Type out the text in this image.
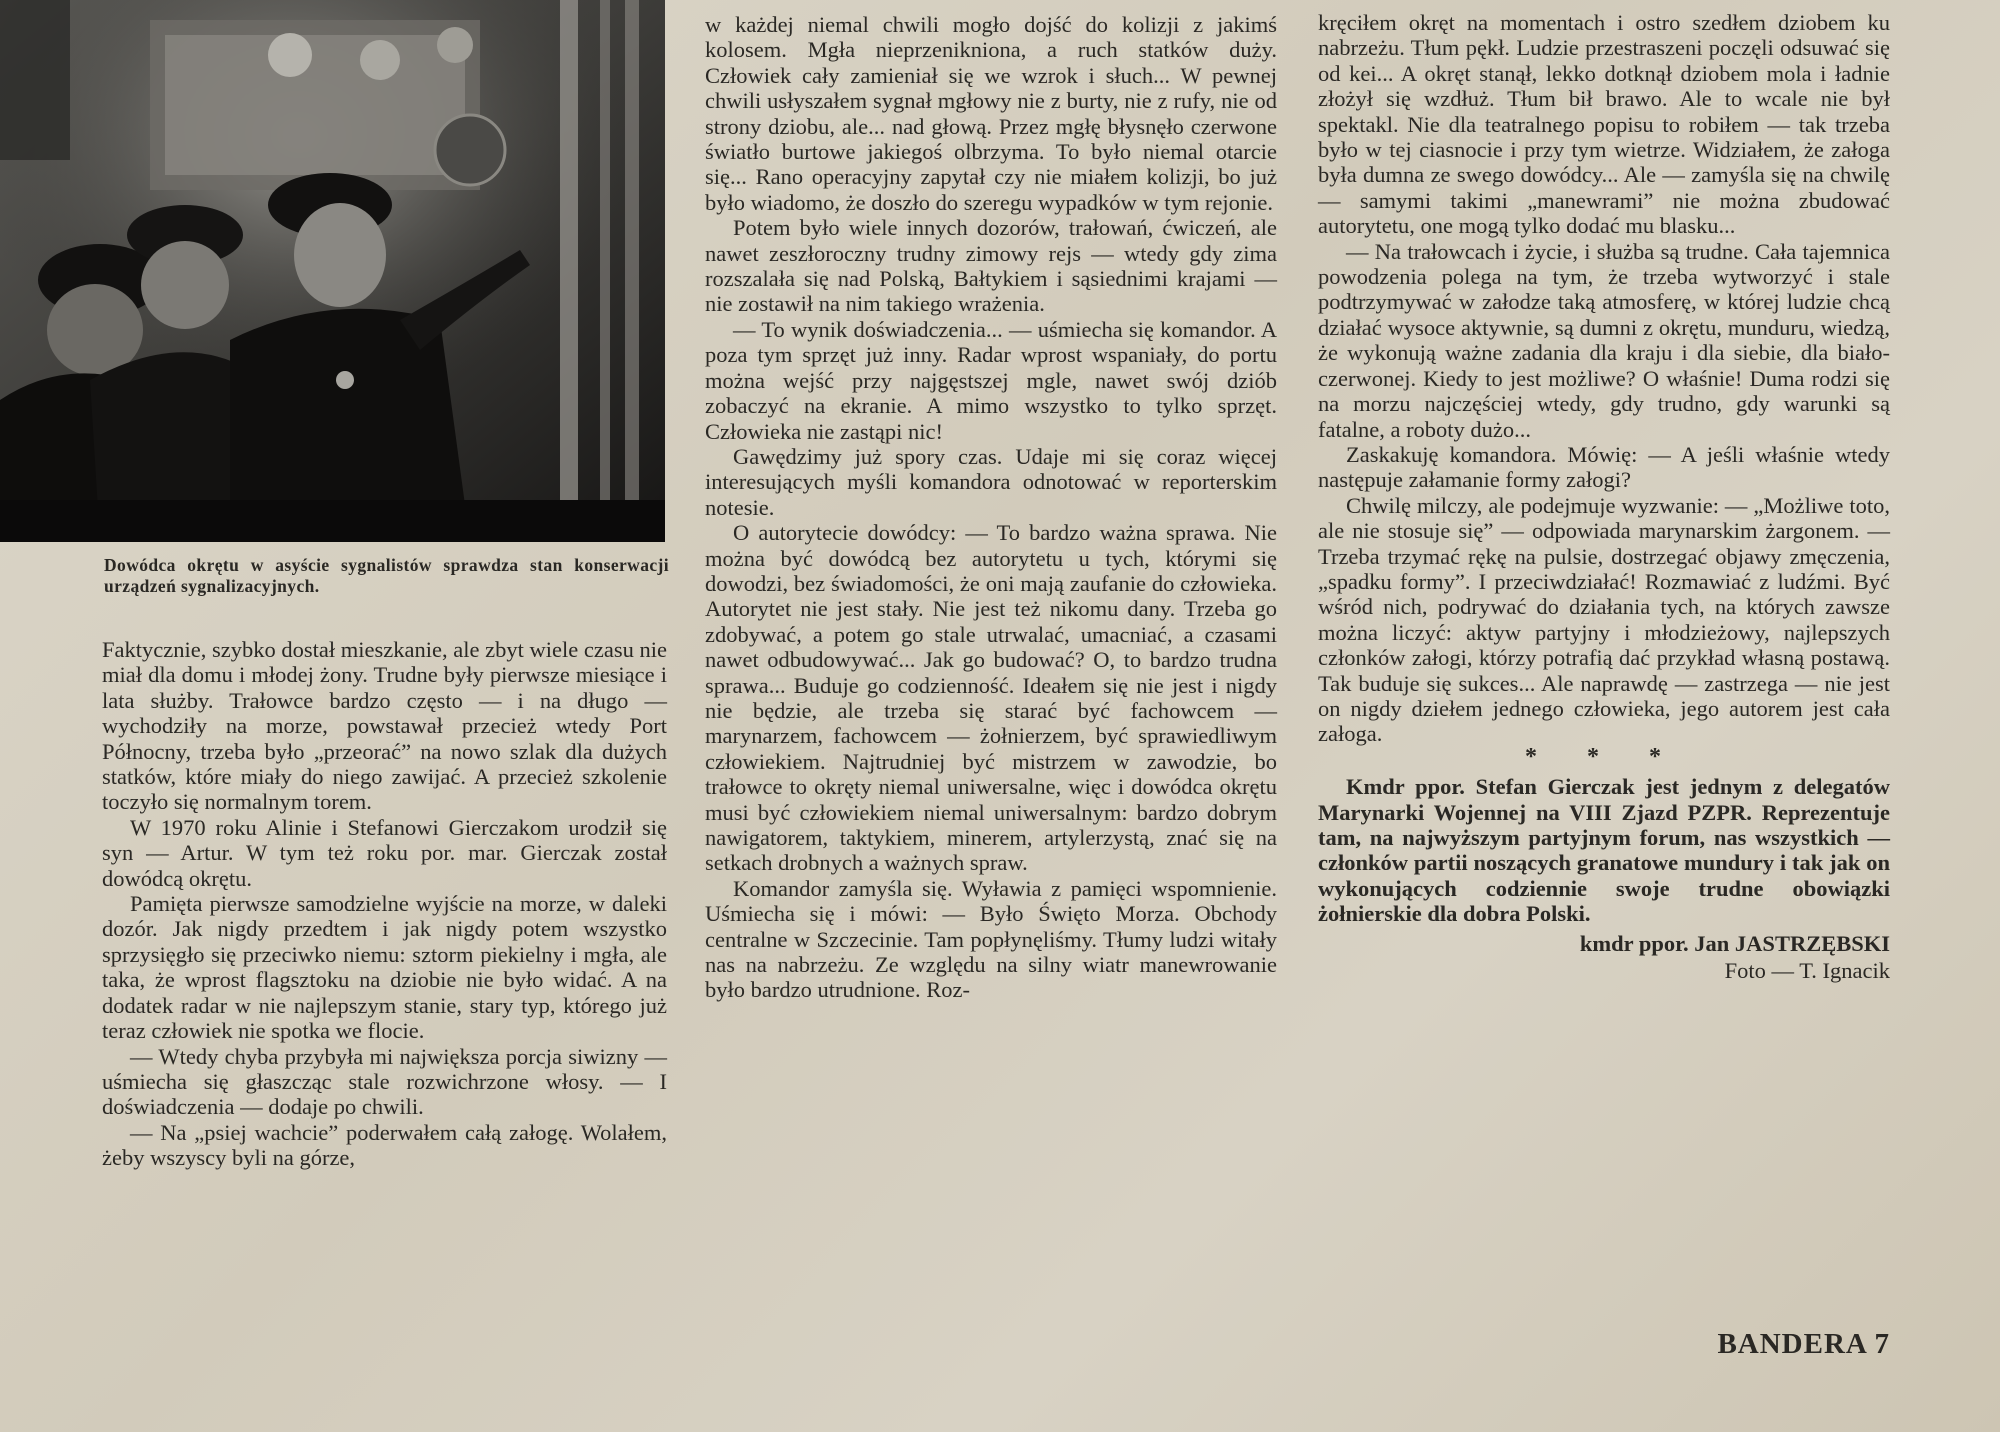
Dowódca okrętu w asyście sygnalistów sprawdza stan konserwacji urządzeń sygnalizacyjnych.

Faktycznie, szybko dostał mieszkanie, ale zbyt wiele czasu nie miał dla domu i młodej żony. Trudne były pierwsze miesiące i lata służby. Trałowce bardzo często — i na długo — wychodziły na morze, powstawał przecież wtedy Port Północny, trzeba było „przeorać” na nowo szlak dla dużych statków, które miały do niego zawijać. A przecież szkolenie toczyło się normalnym torem.

W 1970 roku Alinie i Stefanowi Gierczakom urodził się syn — Artur. W tym też roku por. mar. Gierczak został dowódcą okrętu.

Pamięta pierwsze samodzielne wyjście na morze, w daleki dozór. Jak nigdy przedtem i jak nigdy potem wszystko sprzysięgło się przeciwko niemu: sztorm piekielny i mgła, ale taka, że wprost flagsztoku na dziobie nie było widać. A na dodatek radar w nie najlepszym stanie, stary typ, którego już teraz człowiek nie spotka we flocie.

— Wtedy chyba przybyła mi największa porcja siwizny — uśmiecha się głaszcząc stale rozwichrzone włosy. — I doświadczenia — dodaje po chwili.

— Na „psiej wachcie” poderwałem całą załogę. Wolałem, żeby wszyscy byli na górze,

w każdej niemal chwili mogło dojść do kolizji z jakimś kolosem. Mgła nieprzenikniona, a ruch statków duży. Człowiek cały zamieniał się we wzrok i słuch... W pewnej chwili usłyszałem sygnał mgłowy nie z burty, nie z rufy, nie od strony dziobu, ale... nad głową. Przez mgłę błysnęło czerwone światło burtowe jakiegoś olbrzyma. To było niemal otarcie się... Rano operacyjny zapytał czy nie miałem kolizji, bo już było wiadomo, że doszło do szeregu wypadków w tym rejonie.

Potem było wiele innych dozorów, trałowań, ćwiczeń, ale nawet zeszłoroczny trudny zimowy rejs — wtedy gdy zima rozszalała się nad Polską, Bałtykiem i sąsiednimi krajami — nie zostawił na nim takiego wrażenia.

— To wynik doświadczenia... — uśmiecha się komandor. A poza tym sprzęt już inny. Radar wprost wspaniały, do portu można wejść przy najgęstszej mgle, nawet swój dziób zobaczyć na ekranie. A mimo wszystko to tylko sprzęt. Człowieka nie zastąpi nic!

Gawędzimy już spory czas. Udaje mi się coraz więcej interesujących myśli komandora odnotować w reporterskim notesie.

O autorytecie dowódcy: — To bardzo ważna sprawa. Nie można być dowódcą bez autorytetu u tych, którymi się dowodzi, bez świadomości, że oni mają zaufanie do człowieka. Autorytet nie jest stały. Nie jest też nikomu dany. Trzeba go zdobywać, a potem go stale utrwalać, umacniać, a czasami nawet odbudowywać... Jak go budować? O, to bardzo trudna sprawa... Buduje go codzienność. Ideałem się nie jest i nigdy nie będzie, ale trzeba się starać być fachowcem — marynarzem, fachowcem — żołnierzem, być sprawiedliwym człowiekiem. Najtrudniej być mistrzem w zawodzie, bo trałowce to okręty niemal uniwersalne, więc i dowódca okrętu musi być człowiekiem niemal uniwersalnym: bardzo dobrym nawigatorem, taktykiem, minerem, artylerzystą, znać się na setkach drobnych a ważnych spraw.

Komandor zamyśla się. Wyławia z pamięci wspomnienie. Uśmiecha się i mówi: — Było Święto Morza. Obchody centralne w Szczecinie. Tam popłynęliśmy. Tłumy ludzi witały nas na nabrzeżu. Ze względu na silny wiatr manewrowanie było bardzo utrudnione. Roz-

kręciłem okręt na momentach i ostro szedłem dziobem ku nabrzeżu. Tłum pękł. Ludzie przestraszeni poczęli odsuwać się od kei... A okręt stanął, lekko dotknął dziobem mola i ładnie złożył się wzdłuż. Tłum bił brawo. Ale to wcale nie był spektakl. Nie dla teatralnego popisu to robiłem — tak trzeba było w tej ciasnocie i przy tym wietrze. Widziałem, że załoga była dumna ze swego dowódcy... Ale — zamyśla się na chwilę — samymi takimi „manewrami” nie można zbudować autorytetu, one mogą tylko dodać mu blasku...

— Na trałowcach i życie, i służba są trudne. Cała tajemnica powodzenia polega na tym, że trzeba wytworzyć i stale podtrzymywać w załodze taką atmosferę, w której ludzie chcą działać wysoce aktywnie, są dumni z okrętu, munduru, wiedzą, że wykonują ważne zadania dla kraju i dla siebie, dla biało-czerwonej. Kiedy to jest możliwe? O właśnie! Duma rodzi się na morzu najczęściej wtedy, gdy trudno, gdy warunki są fatalne, a roboty dużo...

Zaskakuję komandora. Mówię: — A jeśli właśnie wtedy następuje załamanie formy załogi?

Chwilę milczy, ale podejmuje wyzwanie: — „Możliwe toto, ale nie stosuje się” — odpowiada marynarskim żargonem. — Trzeba trzymać rękę na pulsie, dostrzegać objawy zmęczenia, „spadku formy”. I przeciwdziałać! Rozmawiać z ludźmi. Być wśród nich, podrywać do działania tych, na których zawsze można liczyć: aktyw partyjny i młodzieżowy, najlepszych członków załogi, którzy potrafią dać przykład własną postawą. Tak buduje się sukces... Ale naprawdę — zastrzega — nie jest on nigdy dziełem jednego człowieka, jego autorem jest cała załoga.

* * *

Kmdr ppor. Stefan Gierczak jest jednym z delegatów Marynarki Wojennej na VIII Zjazd PZPR. Reprezentuje tam, na najwyższym partyjnym forum, nas wszystkich — członków partii noszących granatowe mundury i tak jak on wykonujących codziennie swoje trudne obowiązki żołnierskie dla dobra Polski.

kmdr ppor. Jan JASTRZĘBSKI
Foto — T. Ignacik
BANDERA 7
